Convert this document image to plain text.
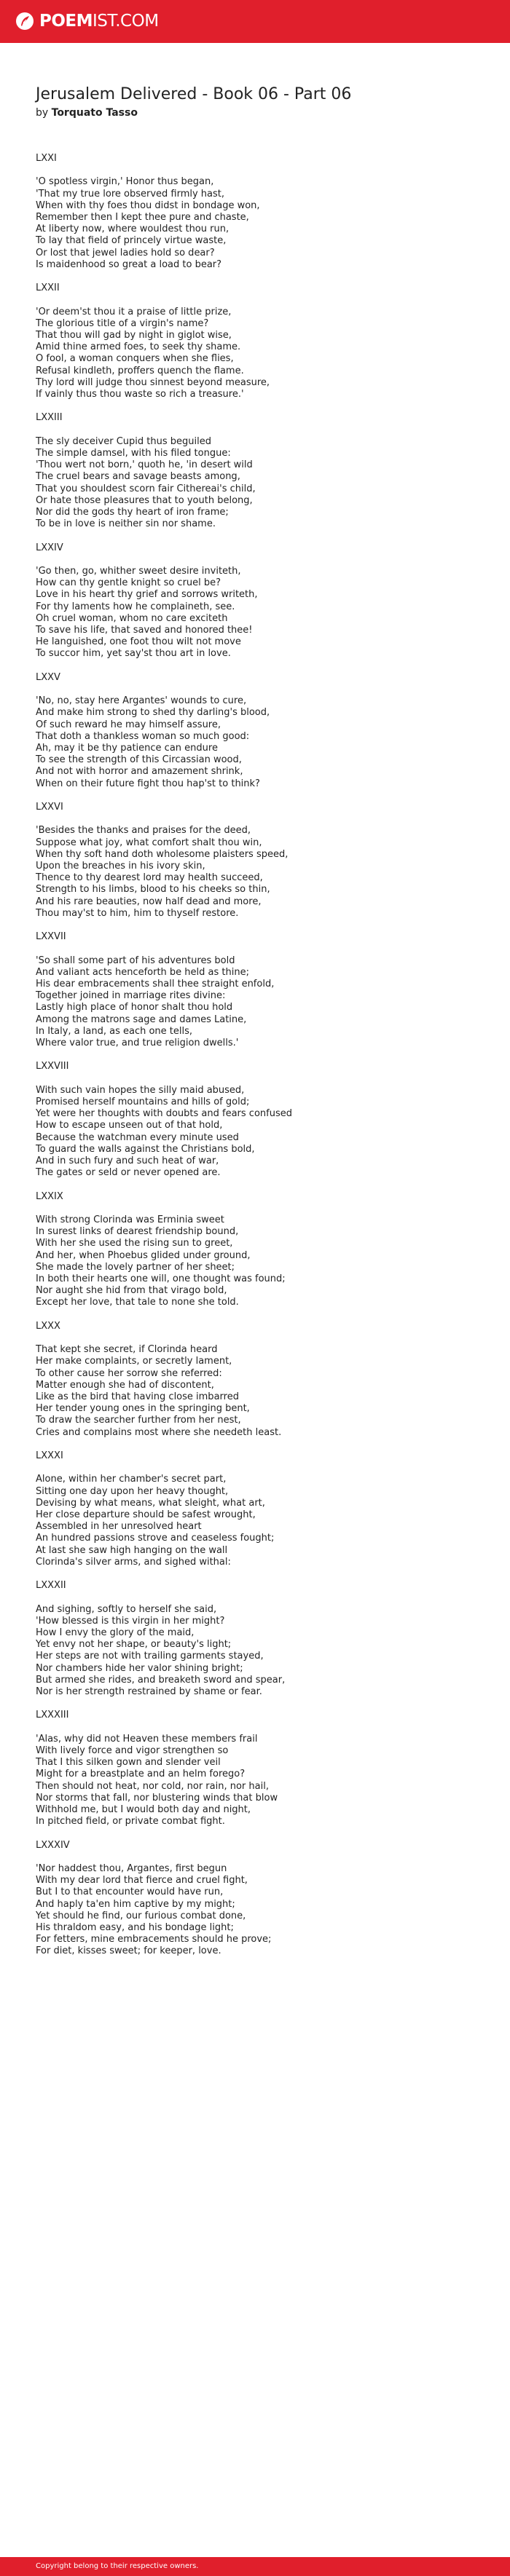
POEMIST.COM
Jerusalem Delivered - Book 06 - Part 06
by Torquato Tasso

LXXI

'O spotless virgin,' Honor thus began,
'That my true lore observed firmly hast,
When with thy foes thou didst in bondage won,
Remember then I kept thee pure and chaste,
At liberty now, where wouldest thou run,
To lay that field of princely virtue waste,
Or lost that jewel ladies hold so dear?
Is maidenhood so great a load to bear?

LXXII

'Or deem'st thou it a praise of little prize,
The glorious title of a virgin's name?
That thou will gad by night in giglot wise,
Amid thine armed foes, to seek thy shame.
O fool, a woman conquers when she flies,
Refusal kindleth, proffers quench the flame.
Thy lord will judge thou sinnest beyond measure,
If vainly thus thou waste so rich a treasure.'

LXXIII

The sly deceiver Cupid thus beguiled
The simple damsel, with his filed tongue:
'Thou wert not born,' quoth he, 'in desert wild
The cruel bears and savage beasts among,
That you shouldest scorn fair Cithereai's child,
Or hate those pleasures that to youth belong,
Nor did the gods thy heart of iron frame;
To be in love is neither sin nor shame.

LXXIV

'Go then, go, whither sweet desire inviteth,
How can thy gentle knight so cruel be?
Love in his heart thy grief and sorrows writeth,
For thy laments how he complaineth, see.
Oh cruel woman, whom no care exciteth
To save his life, that saved and honored thee!
He languished, one foot thou wilt not move
To succor him, yet say'st thou art in love.

LXXV

'No, no, stay here Argantes' wounds to cure,
And make him strong to shed thy darling's blood,
Of such reward he may himself assure,
That doth a thankless woman so much good:
Ah, may it be thy patience can endure
To see the strength of this Circassian wood,
And not with horror and amazement shrink,
When on their future fight thou hap'st to think?

LXXVI

'Besides the thanks and praises for the deed,
Suppose what joy, what comfort shalt thou win,
When thy soft hand doth wholesome plaisters speed,
Upon the breaches in his ivory skin,
Thence to thy dearest lord may health succeed,
Strength to his limbs, blood to his cheeks so thin,
And his rare beauties, now half dead and more,
Thou may'st to him, him to thyself restore.

LXXVII

'So shall some part of his adventures bold
And valiant acts henceforth be held as thine;
His dear embracements shall thee straight enfold,
Together joined in marriage rites divine:
Lastly high place of honor shalt thou hold
Among the matrons sage and dames Latine,
In Italy, a land, as each one tells,
Where valor true, and true religion dwells.'

LXXVIII

With such vain hopes the silly maid abused,
Promised herself mountains and hills of gold;
Yet were her thoughts with doubts and fears confused
How to escape unseen out of that hold,
Because the watchman every minute used
To guard the walls against the Christians bold,
And in such fury and such heat of war,
The gates or seld or never opened are.

LXXIX

With strong Clorinda was Erminia sweet
In surest links of dearest friendship bound,
With her she used the rising sun to greet,
And her, when Phoebus glided under ground,
She made the lovely partner of her sheet;
In both their hearts one will, one thought was found;
Nor aught she hid from that virago bold,
Except her love, that tale to none she told.

LXXX

That kept she secret, if Clorinda heard
Her make complaints, or secretly lament,
To other cause her sorrow she referred:
Matter enough she had of discontent,
Like as the bird that having close imbarred
Her tender young ones in the springing bent,
To draw the searcher further from her nest,
Cries and complains most where she needeth least.

LXXXI

Alone, within her chamber's secret part,
Sitting one day upon her heavy thought,
Devising by what means, what sleight, what art,
Her close departure should be safest wrought,
Assembled in her unresolved heart
An hundred passions strove and ceaseless fought;
At last she saw high hanging on the wall
Clorinda's silver arms, and sighed withal:

LXXXII

And sighing, softly to herself she said,
'How blessed is this virgin in her might?
How I envy the glory of the maid,
Yet envy not her shape, or beauty's light;
Her steps are not with trailing garments stayed,
Nor chambers hide her valor shining bright;
But armed she rides, and breaketh sword and spear,
Nor is her strength restrained by shame or fear.

LXXXIII

'Alas, why did not Heaven these members frail
With lively force and vigor strengthen so
That I this silken gown and slender veil
Might for a breastplate and an helm forego?
Then should not heat, nor cold, nor rain, nor hail,
Nor storms that fall, nor blustering winds that blow
Withhold me, but I would both day and night,
In pitched field, or private combat fight.

LXXXIV

'Nor haddest thou, Argantes, first begun
With my dear lord that fierce and cruel fight,
But I to that encounter would have run,
And haply ta'en him captive by my might;
Yet should he find, our furious combat done,
His thraldom easy, and his bondage light;
For fetters, mine embracements should he prove;
For diet, kisses sweet; for keeper, love.
Copyright belong to their respective owners.
